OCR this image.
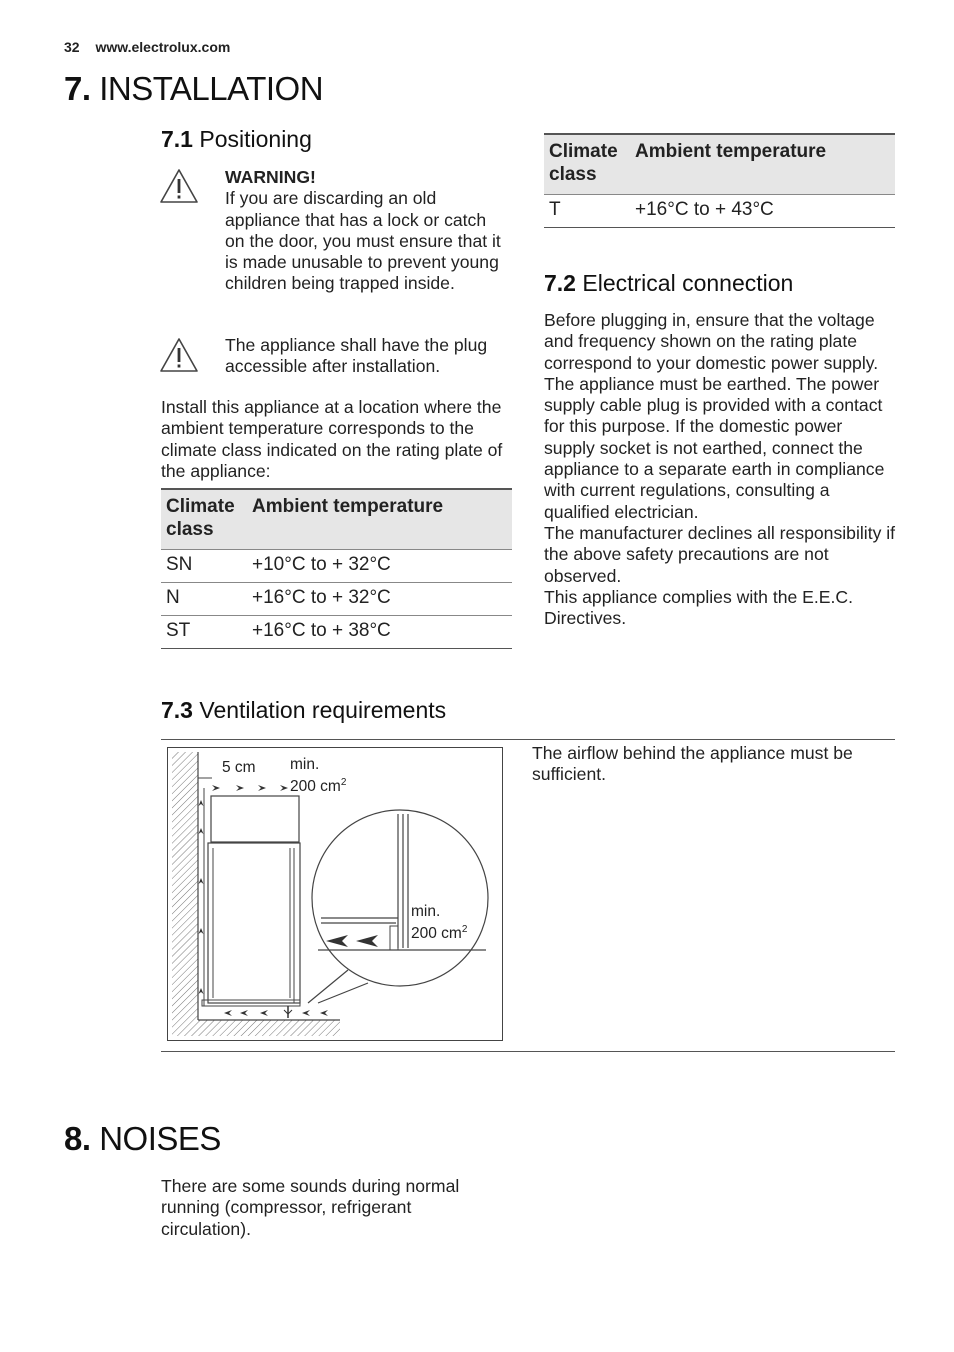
32 www.electrolux.com
7. INSTALLATION
7.1 Positioning
WARNING!
If you are discarding an old appliance that has a lock or catch on the door, you must ensure that it is made unusable to prevent young children being trapped inside.
The appliance shall have the plug accessible after installation.
Install this appliance at a location where the ambient temperature corresponds to the climate class indicated on the rating plate of the appliance:
Climate class	Ambient temperature
SN	+10°C to + 32°C
N	+16°C to + 32°C
ST	+16°C to + 38°C
Climate class	Ambient temperature
T	+16°C to + 43°C
7.2 Electrical connection
Before plugging in, ensure that the voltage and frequency shown on the rating plate correspond to your domestic power supply.
The appliance must be earthed. The power supply cable plug is provided with a contact for this purpose. If the domestic power supply socket is not earthed, connect the appliance to a separate earth in compliance with current regulations, consulting a qualified electrician.
The manufacturer declines all responsibility if the above safety precautions are not observed.
This appliance complies with the E.E.C. Directives.
7.3 Ventilation requirements
The airflow behind the appliance must be sufficient.
5 cm min.
200 $cm^2$
min.
200 $cm^2$
8. NOISES
There are some sounds during normal running (compressor, refrigerant circulation).
